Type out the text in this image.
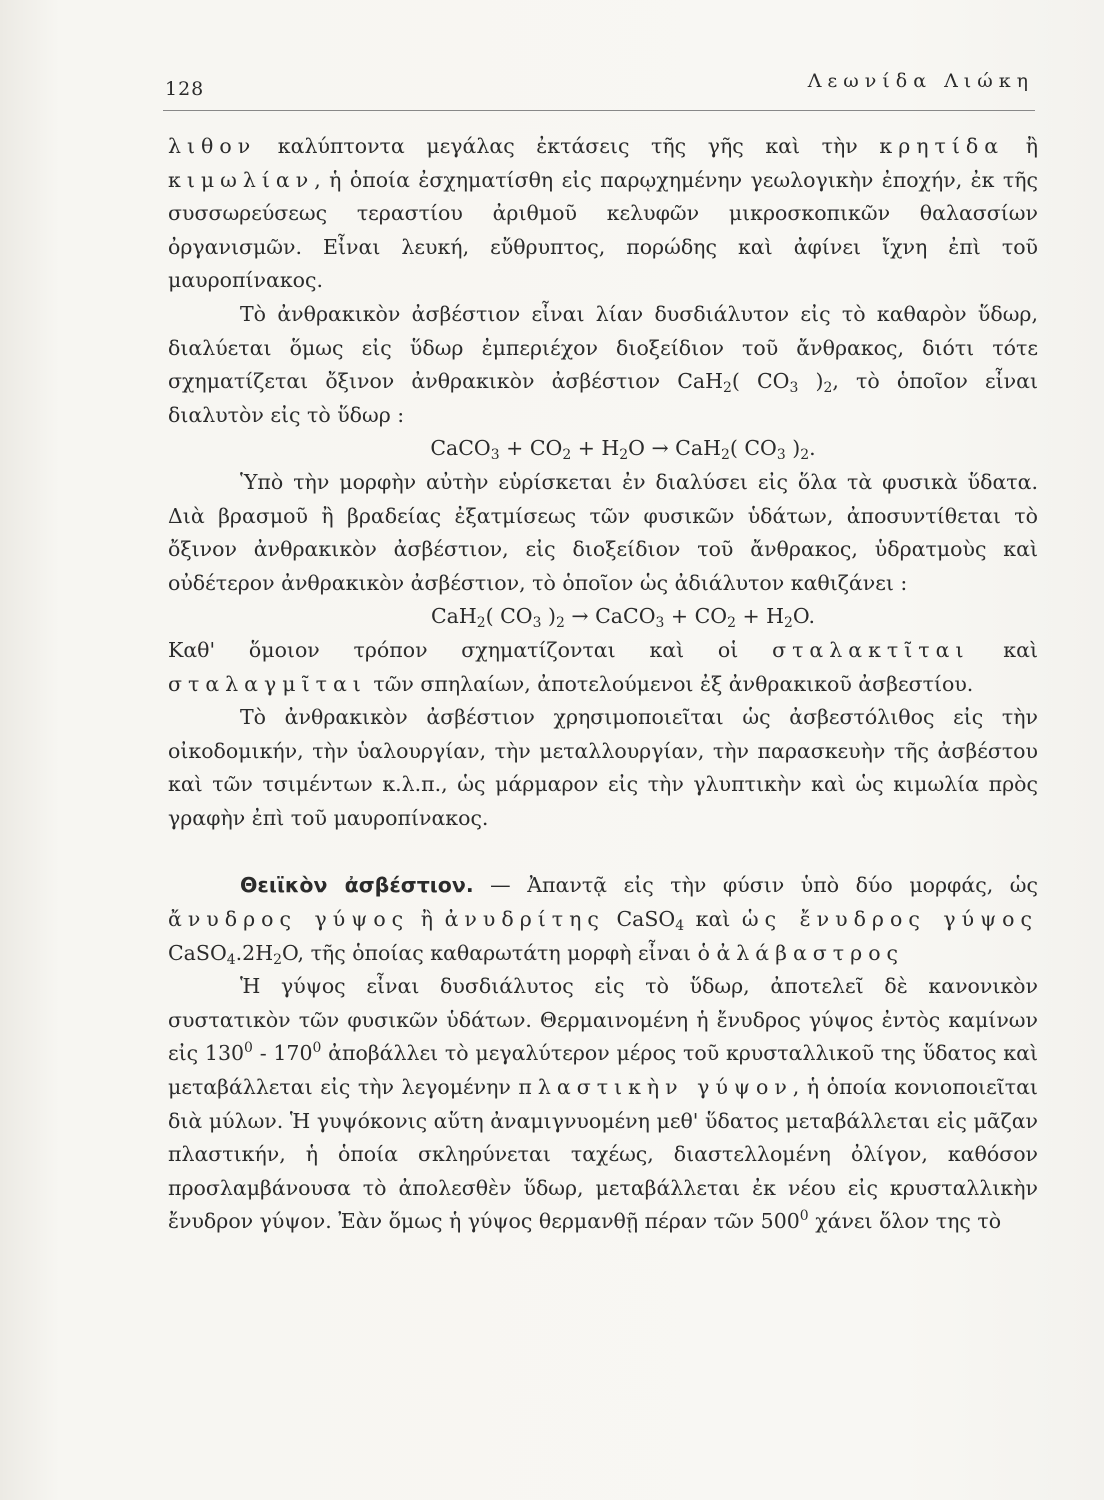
128	Λεωνίδα Λιώκη

λιθον καλύπτοντα μεγάλας ἐκτάσεις τῆς γῆς καὶ τὴν κρητίδα ἢ κιμωλίαν, ἡ ὁποία ἐσχηματίσθη εἰς παρῳχημένην γεωλογικὴν ἐποχήν, ἐκ τῆς συσσωρεύσεως τεραστίου ἀριθμοῦ κελυφῶν μικροσκοπικῶν θαλασσίων ὀργανισμῶν. Εἶναι λευκή, εὔθρυπτος, πορώδης καὶ ἀφίνει ἴχνη ἐπὶ τοῦ μαυροπίνακος.

Τὸ ἀνθρακικὸν ἀσβέστιον εἶναι λίαν δυσδιάλυτον εἰς τὸ καθαρὸν ὕδωρ, διαλύεται ὅμως εἰς ὕδωρ ἐμπεριέχον διοξείδιον τοῦ ἄνθρακος, διότι τότε σχηματίζεται ὄξινον ἀνθρακικὸν ἀσβέστιον CaH$_2$( $CO_3$ )$_2$, τὸ ὁποῖον εἶναι διαλυτὸν εἰς τὸ ὕδωρ :

CaCO$_3$ + $CO_2 + H_2O \to CaH_2$( $CO_3$ )$_2$.

Ὑπὸ τὴν μορφὴν αὐτὴν εὑρίσκεται ἐν διαλύσει εἰς ὅλα τὰ φυσικὰ ὕδατα. Διὰ βρασμοῦ ἢ βραδείας ἐξατμίσεως τῶν φυσικῶν ὑδάτων, ἀποσυντίθεται τὸ ὄξινον ἀνθρακικὸν ἀσβέστιον, εἰς διοξείδιον τοῦ ἄνθρακος, ὑδρατμοὺς καὶ οὐδέτερον ἀνθρακικὸν ἀσβέστιον, τὸ ὁποῖον ὡς ἀδιάλυτον καθιζάνει :

CaH$_2$( $CO_3$ )$_2$ → CaCO$_3$ + $CO_2 + H_2O$.

Καθ' ὅμοιον τρόπον σχηματίζονται καὶ οἱ σταλακτῖται καὶ σταλαγμῖται τῶν σπηλαίων, ἀποτελούμενοι ἐξ ἀνθρακικοῦ ἀσβεστίου.

Τὸ ἀνθρακικὸν ἀσβέστιον χρησιμοποιεῖται ὡς ἀσβεστόλιθος εἰς τὴν οἰκοδομικήν, τὴν ὑαλουργίαν, τὴν μεταλλουργίαν, τὴν παρασκευὴν τῆς ἀσβέστου καὶ τῶν τσιμέντων κ.λ.π., ὡς μάρμαρον εἰς τὴν γλυπτικὴν καὶ ὡς κιμωλία πρὸς γραφὴν ἐπὶ τοῦ μαυροπίνακος.

Θειϊκὸν ἀσβέστιον. — Ἀπαντᾷ εἰς τὴν φύσιν ὑπὸ δύο μορφάς, ὡς ἄνυδρος γύψος ἢ ἀνυδρίτης CaSO$_4$ καὶ ὡς ἔνυδρος γύψος $CaSO_4.2H_2O$, τῆς ὁποίας καθαρωτάτη μορφὴ εἶναι ὁ ἀλάβαστρος

Ἡ γύψος εἶναι δυσδιάλυτος εἰς τὸ ὕδωρ, ἀποτελεῖ δὲ κανονικὸν συστατικὸν τῶν φυσικῶν ὑδάτων. Θερμαινομένη ἡ ἔνυδρος γύψος ἐντὸς καμίνων εἰς $130^0 - 170^0$ ἀποβάλλει τὸ μεγαλύτερον μέρος τοῦ κρυσταλλικοῦ της ὕδατος καὶ μεταβάλλεται εἰς τὴν λεγομένην πλαστικὴν γύψον, ἡ ὁποία κονιοποιεῖται διὰ μύλων. Ἡ γυψόκονις αὕτη ἀναμιγνυομένη μεθ' ὕδατος μεταβάλλεται εἰς μᾶζαν πλαστικήν, ἡ ὁποία σκληρύνεται ταχέως, διαστελλομένη ὀλίγον, καθόσον προσλαμβάνουσα τὸ ἀπολεσθὲν ὕδωρ, μεταβάλλεται ἐκ νέου εἰς κρυσταλλικὴν ἔνυδρον γύψον. Ἐὰν ὅμως ἡ γύψος θερμανθῇ πέραν τῶν $500^0$ χάνει ὅλον της τὸ
